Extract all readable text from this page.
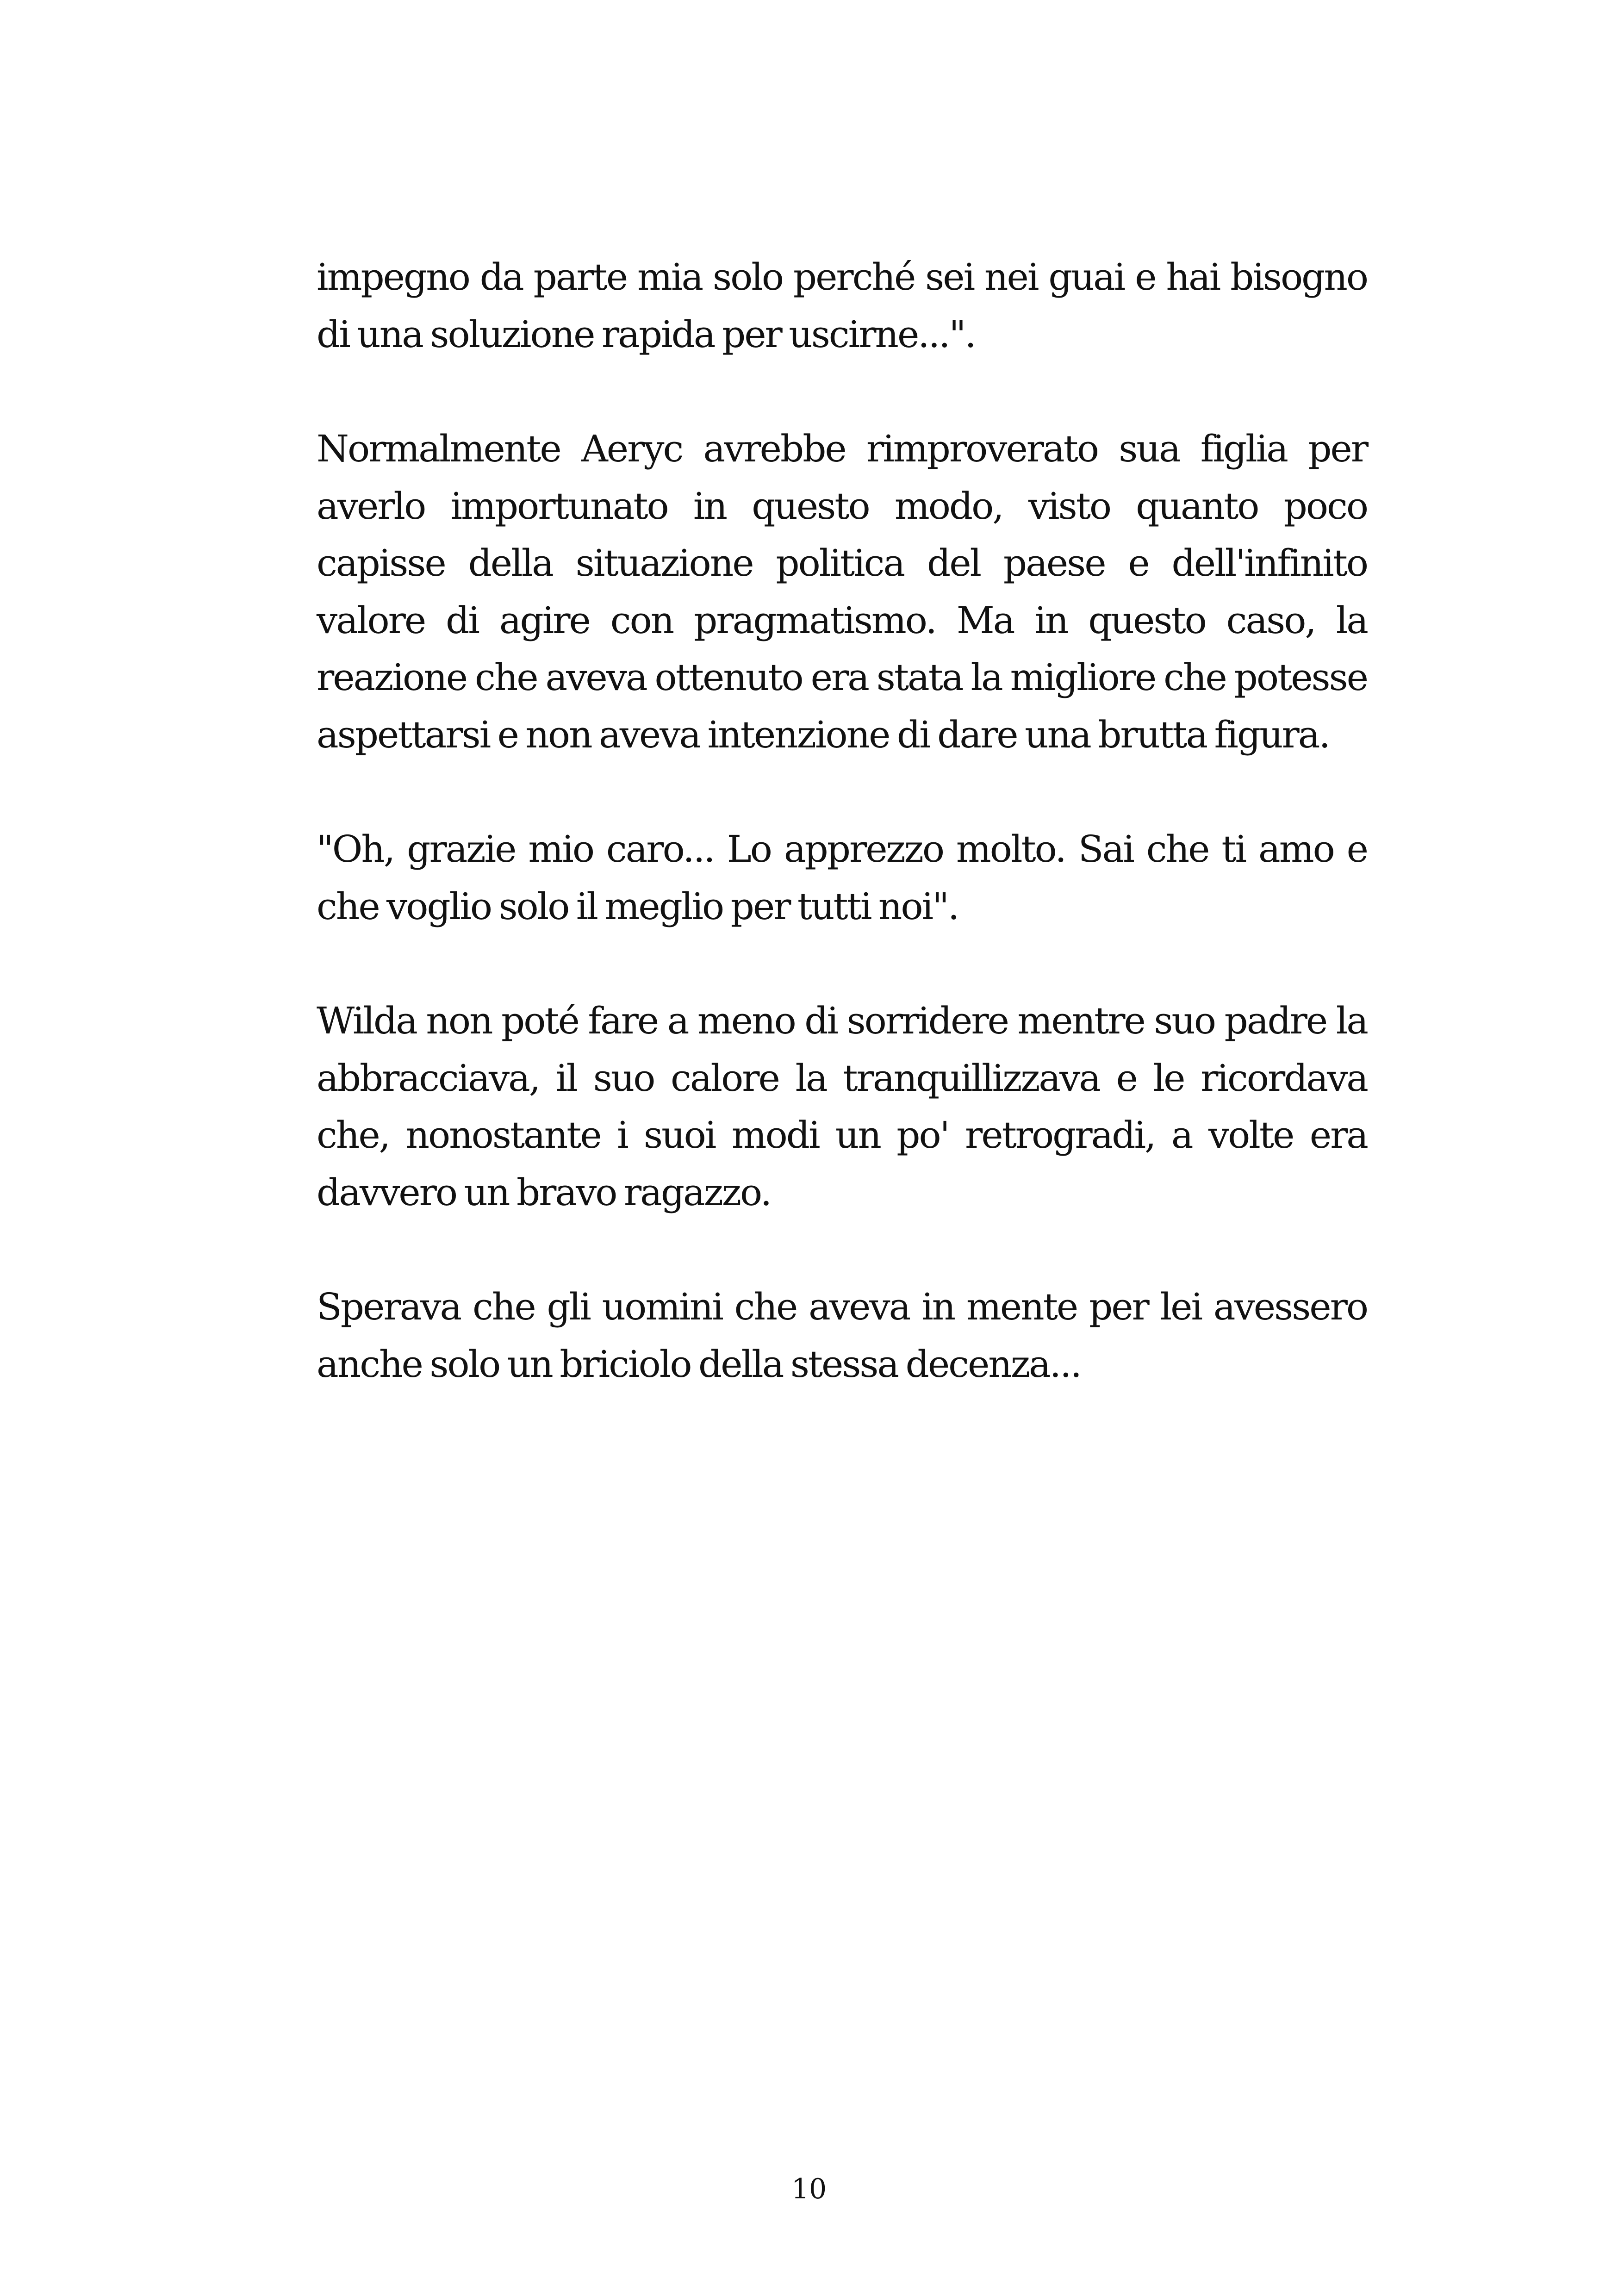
impegno da parte mia solo perché sei nei guai e hai bisogno di una soluzione rapida per uscirne...".

Normalmente Aeryc avrebbe rimproverato sua figlia per averlo importunato in questo modo, visto quanto poco capisse della situazione politica del paese e dell'infinito valore di agire con pragmatismo. Ma in questo caso, la reazione che aveva ottenuto era stata la migliore che potesse aspettarsi e non aveva intenzione di dare una brutta figura.

"Oh, grazie mio caro... Lo apprezzo molto. Sai che ti amo e che voglio solo il meglio per tutti noi".

Wilda non poté fare a meno di sorridere mentre suo padre la abbracciava, il suo calore la tranquillizzava e le ricordava che, nonostante i suoi modi un po' retrogradi, a volte era davvero un bravo ragazzo.

Sperava che gli uomini che aveva in mente per lei avessero anche solo un briciolo della stessa decenza...

10
